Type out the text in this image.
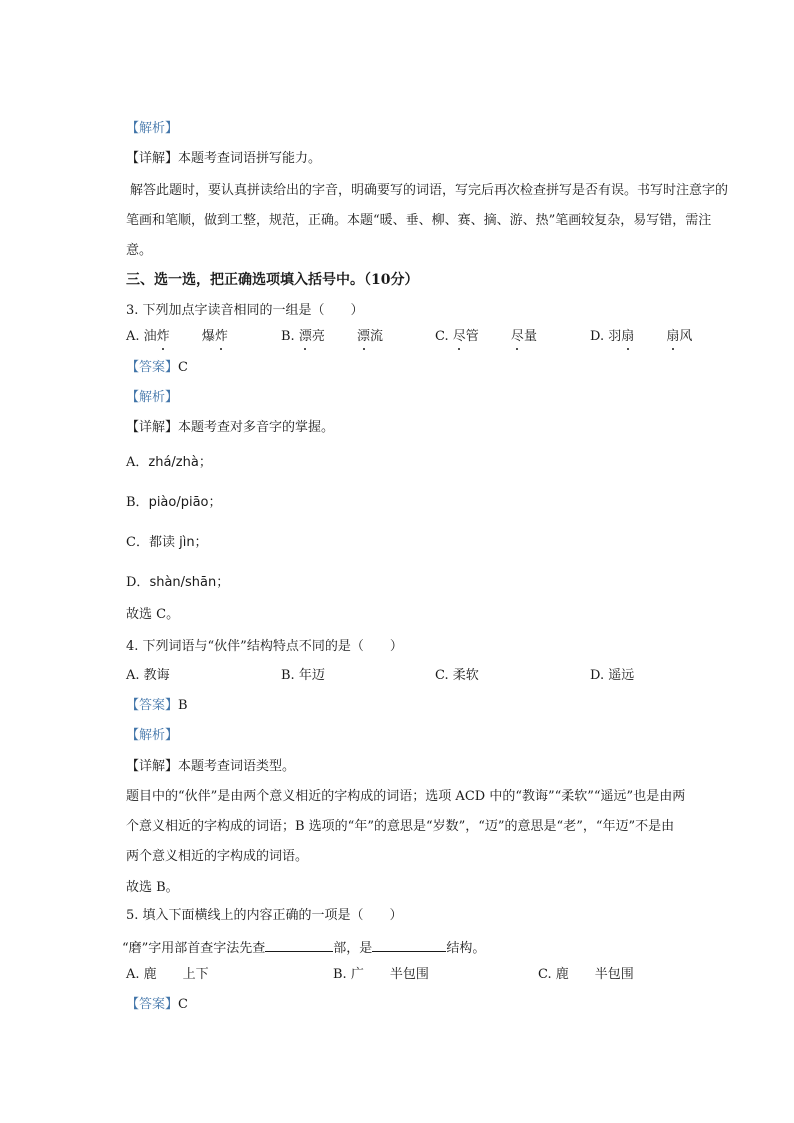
【解析】
【详解】本题考查词语拼写能力。
解答此题时，要认真拼读给出的字音，明确要写的词语，写完后再次检查拼写是否有误。书写时注意字的
笔画和笔顺，做到工整，规范，正确。本题“暖、垂、柳、赛、摘、游、热”笔画较复杂，易写错，需注
意。
三、选一选，把正确选项填入括号中。（10分）
3. 下列加点字读音相同的一组是（　　）
A. 油炸 爆炸	B. 漂亮 漂流	C. 尽管 尽量	D. 羽扇 扇风
【答案】C
【解析】
【详解】本题考查对多音字的掌握。
A．zhá/zhà；
B．piào/piāo；
C．都读 jìn；
D．shàn/shān；
故选 C。
4. 下列词语与“伙伴”结构特点不同的是（　　）
A. 教诲	B. 年迈	C. 柔软	D. 遥远
【答案】B
【解析】
【详解】本题考查词语类型。
题目中的“伙伴”是由两个意义相近的字构成的词语；选项 ACD 中的“教诲”“柔软”“遥远”也是由两
个意义相近的字构成的词语；B 选项的“年”的意思是“岁数”，“迈”的意思是“老”，“年迈”不是由
两个意义相近的字构成的词语。
故选 B。
5. 填入下面横线上的内容正确的一项是（　　）
“磨”字用部首查字法先查	部，是	结构。
A. 鹿 上下	B. 广 半包围	C. 鹿 半包围
【答案】C
